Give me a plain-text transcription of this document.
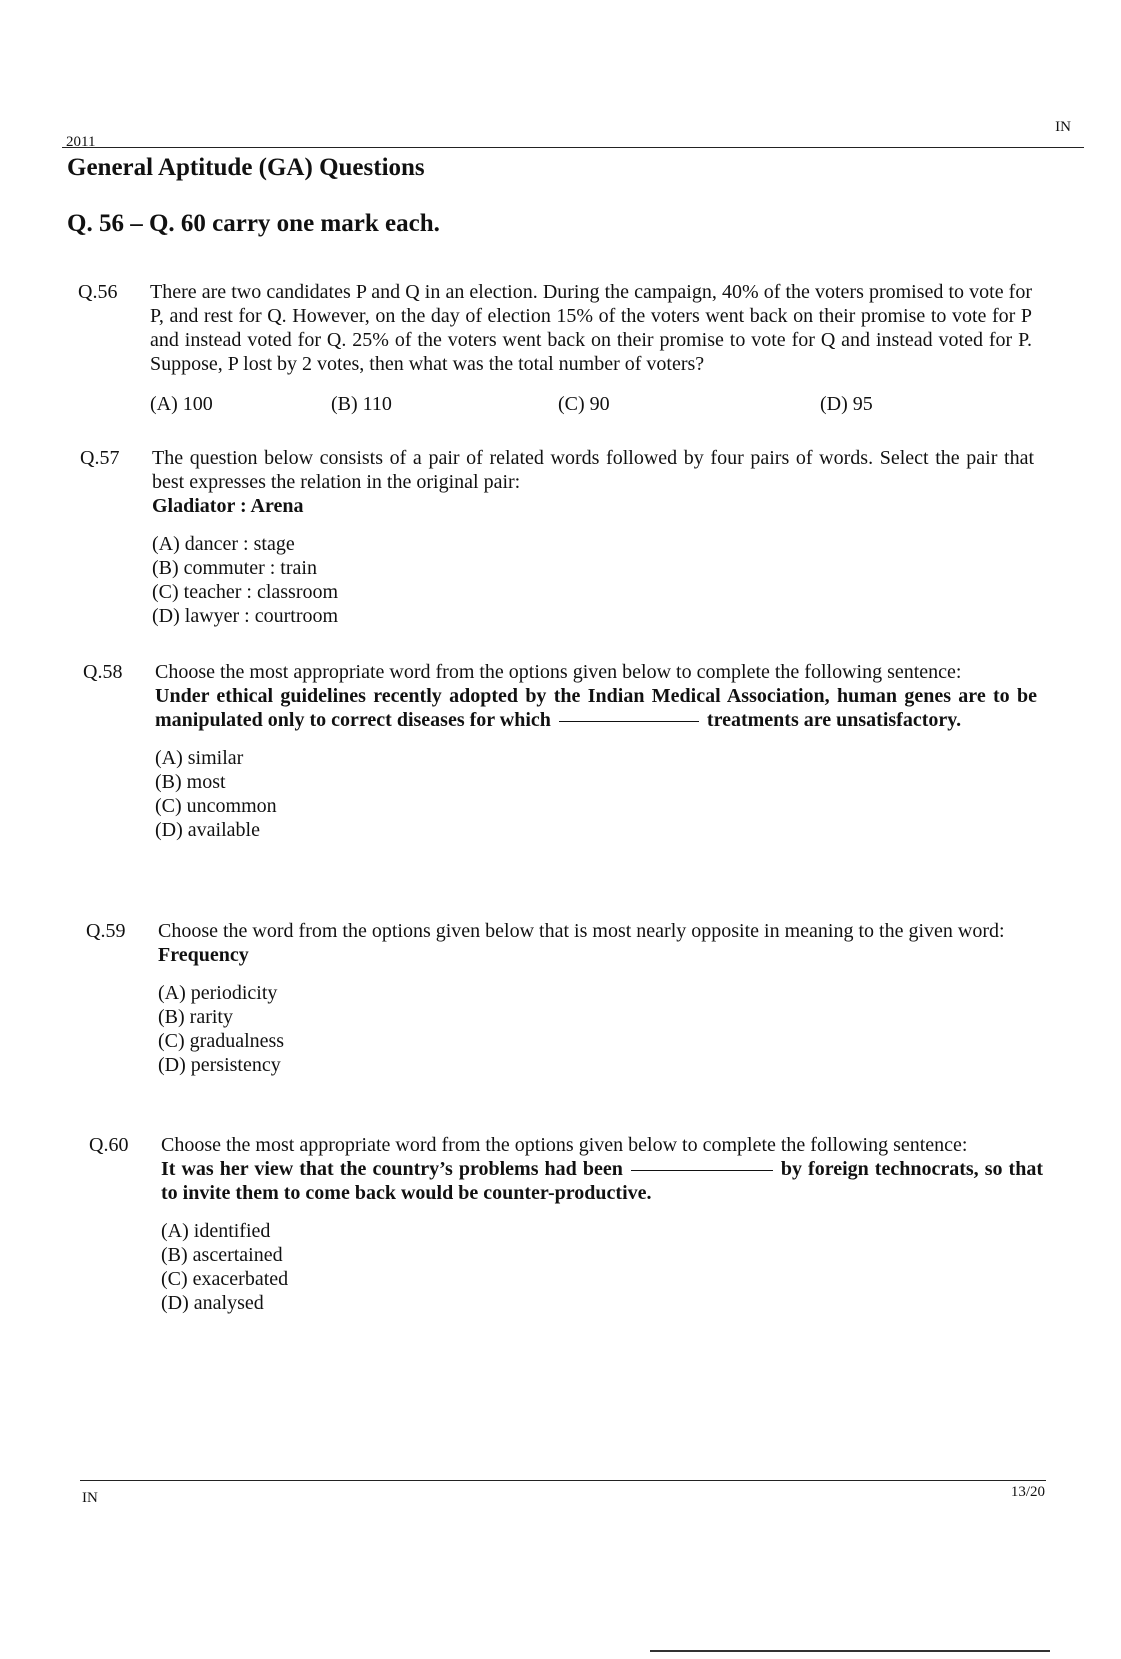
2011
IN
General Aptitude (GA) Questions
Q. 56 – Q. 60 carry one mark each.
Q.56 There are two candidates P and Q in an election. During the campaign, 40% of the voters promised to vote for P, and rest for Q. However, on the day of election 15% of the voters went back on their promise to vote for P and instead voted for Q. 25% of the voters went back on their promise to vote for Q and instead voted for P. Suppose, P lost by 2 votes, then what was the total number of voters?
(A) 100	(B) 110	(C) 90	(D) 95
Q.57 The question below consists of a pair of related words followed by four pairs of words. Select the pair that best expresses the relation in the original pair:
Gladiator : Arena
(A) dancer : stage
(B) commuter : train
(C) teacher : classroom
(D) lawyer : courtroom
Q.58 Choose the most appropriate word from the options given below to complete the following sentence:
Under ethical guidelines recently adopted by the Indian Medical Association, human genes are to be manipulated only to correct diseases for which	treatments are unsatisfactory.
(A) similar
(B) most
(C) uncommon
(D) available
Q.59 Choose the word from the options given below that is most nearly opposite in meaning to the given word:
Frequency
(A) periodicity
(B) rarity
(C) gradualness
(D) persistency
Q.60 Choose the most appropriate word from the options given below to complete the following sentence:
It was her view that the country’s problems had been	by foreign technocrats, so that to invite them to come back would be counter-productive.
(A) identified
(B) ascertained
(C) exacerbated
(D) analysed
IN	13/20
